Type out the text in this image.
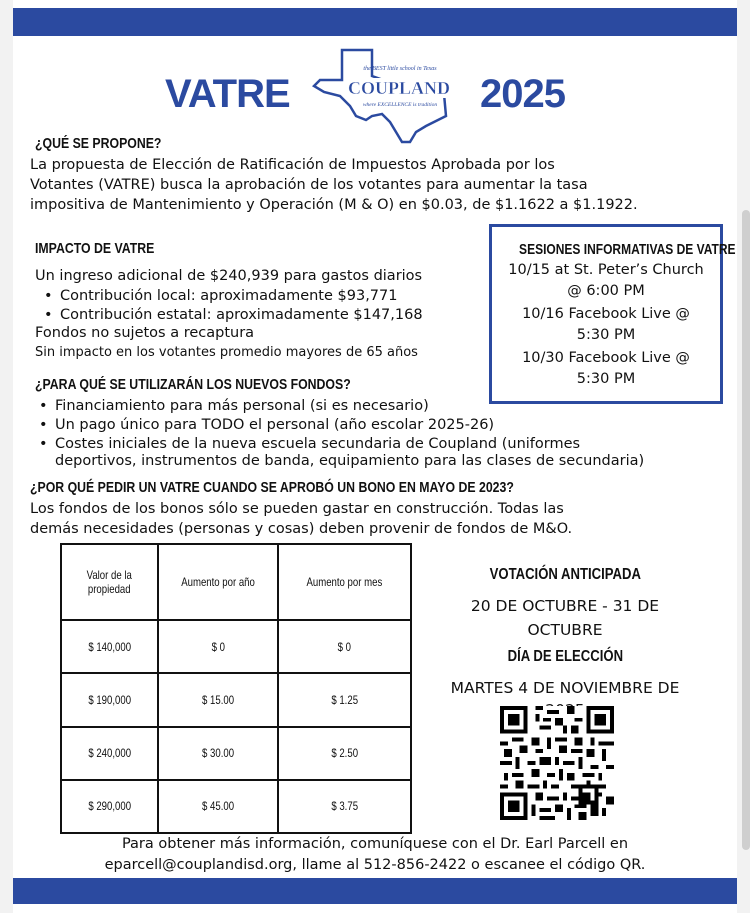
VATRE	2025
the BEST little school in Texas
COUPLAND
where EXCELLENCE is tradition
¿QUÉ SE PROPONE?
La propuesta de Elección de Ratificación de Impuestos Aprobada por los
Votantes (VATRE) busca la aprobación de los votantes para aumentar la tasa
impositiva de Mantenimiento y Operación (M & O) en $0.03, de $1.1622 a $1.1922.
IMPACTO DE VATRE
Un ingreso adicional de $240,939 para gastos diarios
• Contribución local: aproximadamente $93,771
• Contribución estatal: aproximadamente $147,168
Fondos no sujetos a recaptura
Sin impacto en los votantes promedio mayores de 65 años
SESIONES INFORMATIVAS DE VATRE
10/15 at St. Peter’s Church
@ 6:00 PM
10/16 Facebook Live @
5:30 PM
10/30 Facebook Live @
5:30 PM
¿PARA QUÉ SE UTILIZARÁN LOS NUEVOS FONDOS?
• Financiamiento para más personal (si es necesario)
• Un pago único para TODO el personal (año escolar 2025-26)
• Costes iniciales de la nueva escuela secundaria de Coupland (uniformes
deportivos, instrumentos de banda, equipamiento para las clases de secundaria)
¿POR QUÉ PEDIR UN VATRE CUANDO SE APROBÓ UN BONO EN MAYO DE 2023?
Los fondos de los bonos sólo se pueden gastar en construcción. Todas las
demás necesidades (personas y cosas) deben provenir de fondos de M&O.
Valor de la
propiedad	Aumento por año	Aumento por mes
$ 140,000	$ 0	$ 0
$ 190,000	$ 15.00	$ 1.25
$ 240,000	$ 30.00	$ 2.50
$ 290,000	$ 45.00	$ 3.75
VOTACIÓN ANTICIPADA
20 DE OCTUBRE - 31 DE
OCTUBRE
DÍA DE ELECCIÓN
MARTES 4 DE NOVIEMBRE DE
Para obtener más información, comuníquese con el Dr. Earl Parcell en
eparcell@couplandisd.org, llame al 512-856-2422 o escanee el código QR.
